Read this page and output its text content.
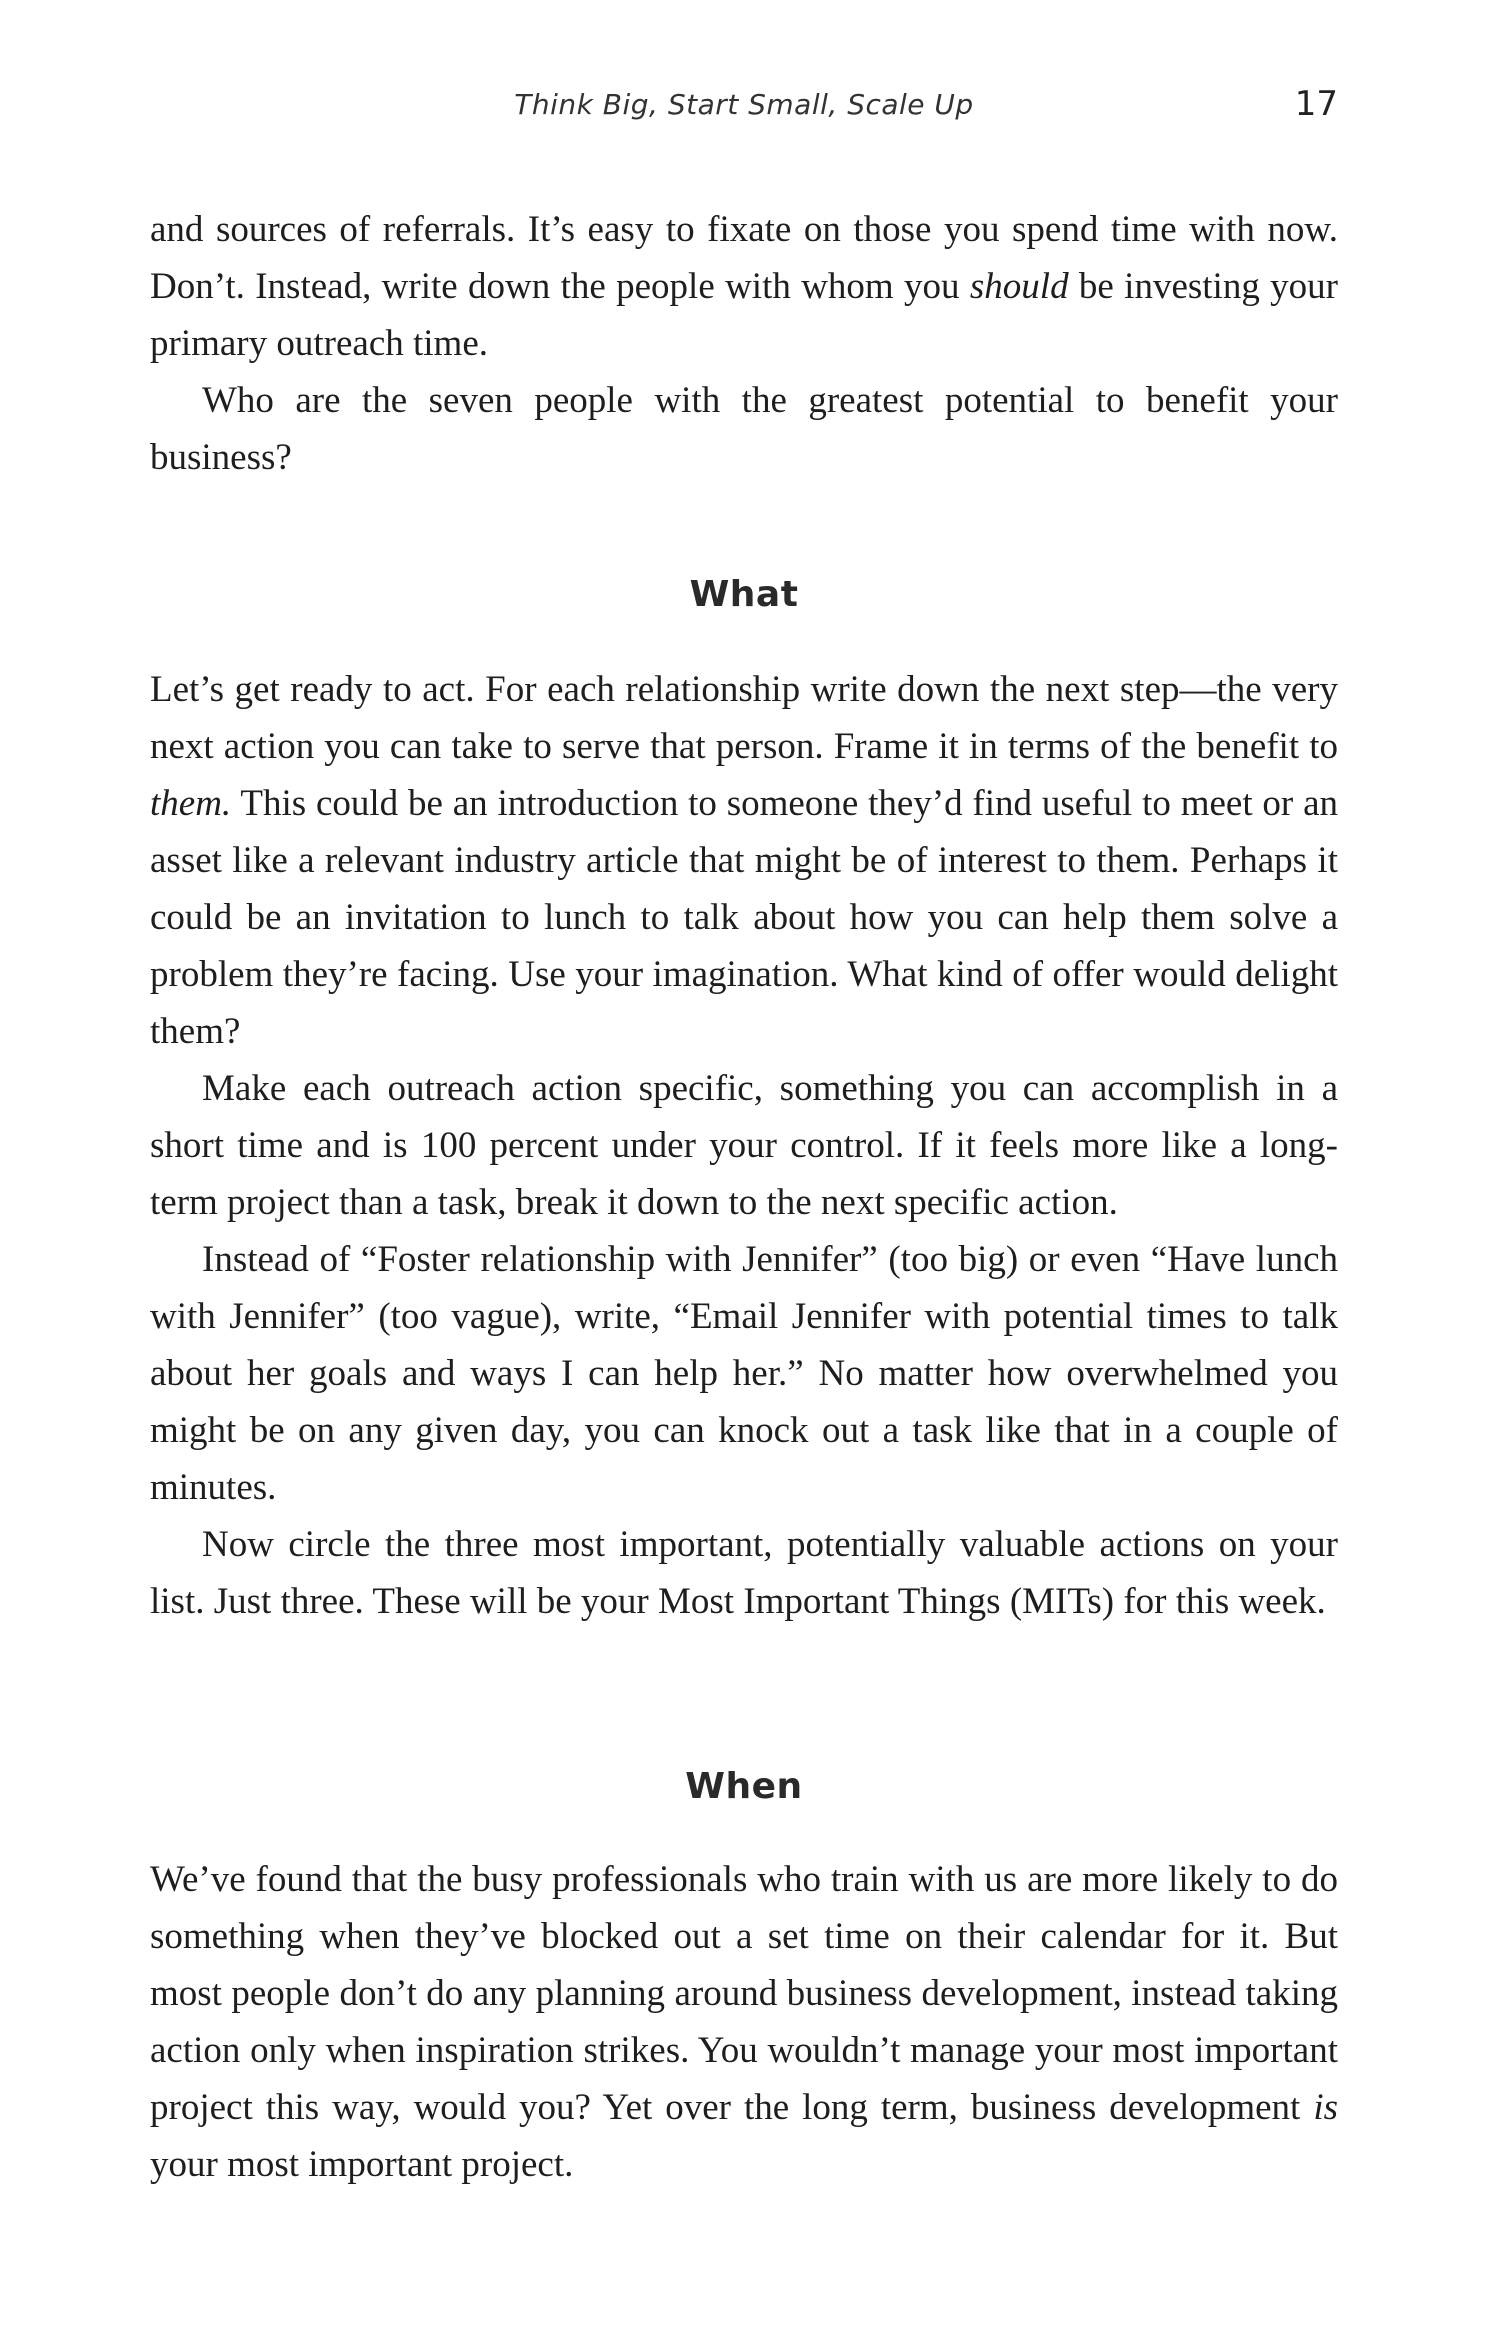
Think Big, Start Small, Scale Up	17

and sources of referrals. It’s easy to fixate on those you spend time with now. Don’t. Instead, write down the people with whom you should be investing your primary outreach time.

Who are the seven people with the greatest potential to benefit your business?

What

Let’s get ready to act. For each relationship write down the next step—the very next action you can take to serve that person. Frame it in terms of the benefit to them. This could be an introduction to someone they’d find useful to meet or an asset like a relevant industry article that might be of interest to them. Perhaps it could be an invitation to lunch to talk about how you can help them solve a problem they’re facing. Use your imagination. What kind of offer would delight them?

Make each outreach action specific, something you can accomplish in a short time and is 100 percent under your control. If it feels more like a long-term project than a task, break it down to the next specific action.

Instead of “Foster relationship with Jennifer” (too big) or even “Have lunch with Jennifer” (too vague), write, “Email Jennifer with potential times to talk about her goals and ways I can help her.” No matter how overwhelmed you might be on any given day, you can knock out a task like that in a couple of minutes.

Now circle the three most important, potentially valuable actions on your list. Just three. These will be your Most Important Things (MITs) for this week.

When

We’ve found that the busy professionals who train with us are more likely to do something when they’ve blocked out a set time on their calendar for it. But most people don’t do any planning around business development, instead taking action only when inspiration strikes. You wouldn’t manage your most important project this way, would you? Yet over the long term, business development is your most important project.
